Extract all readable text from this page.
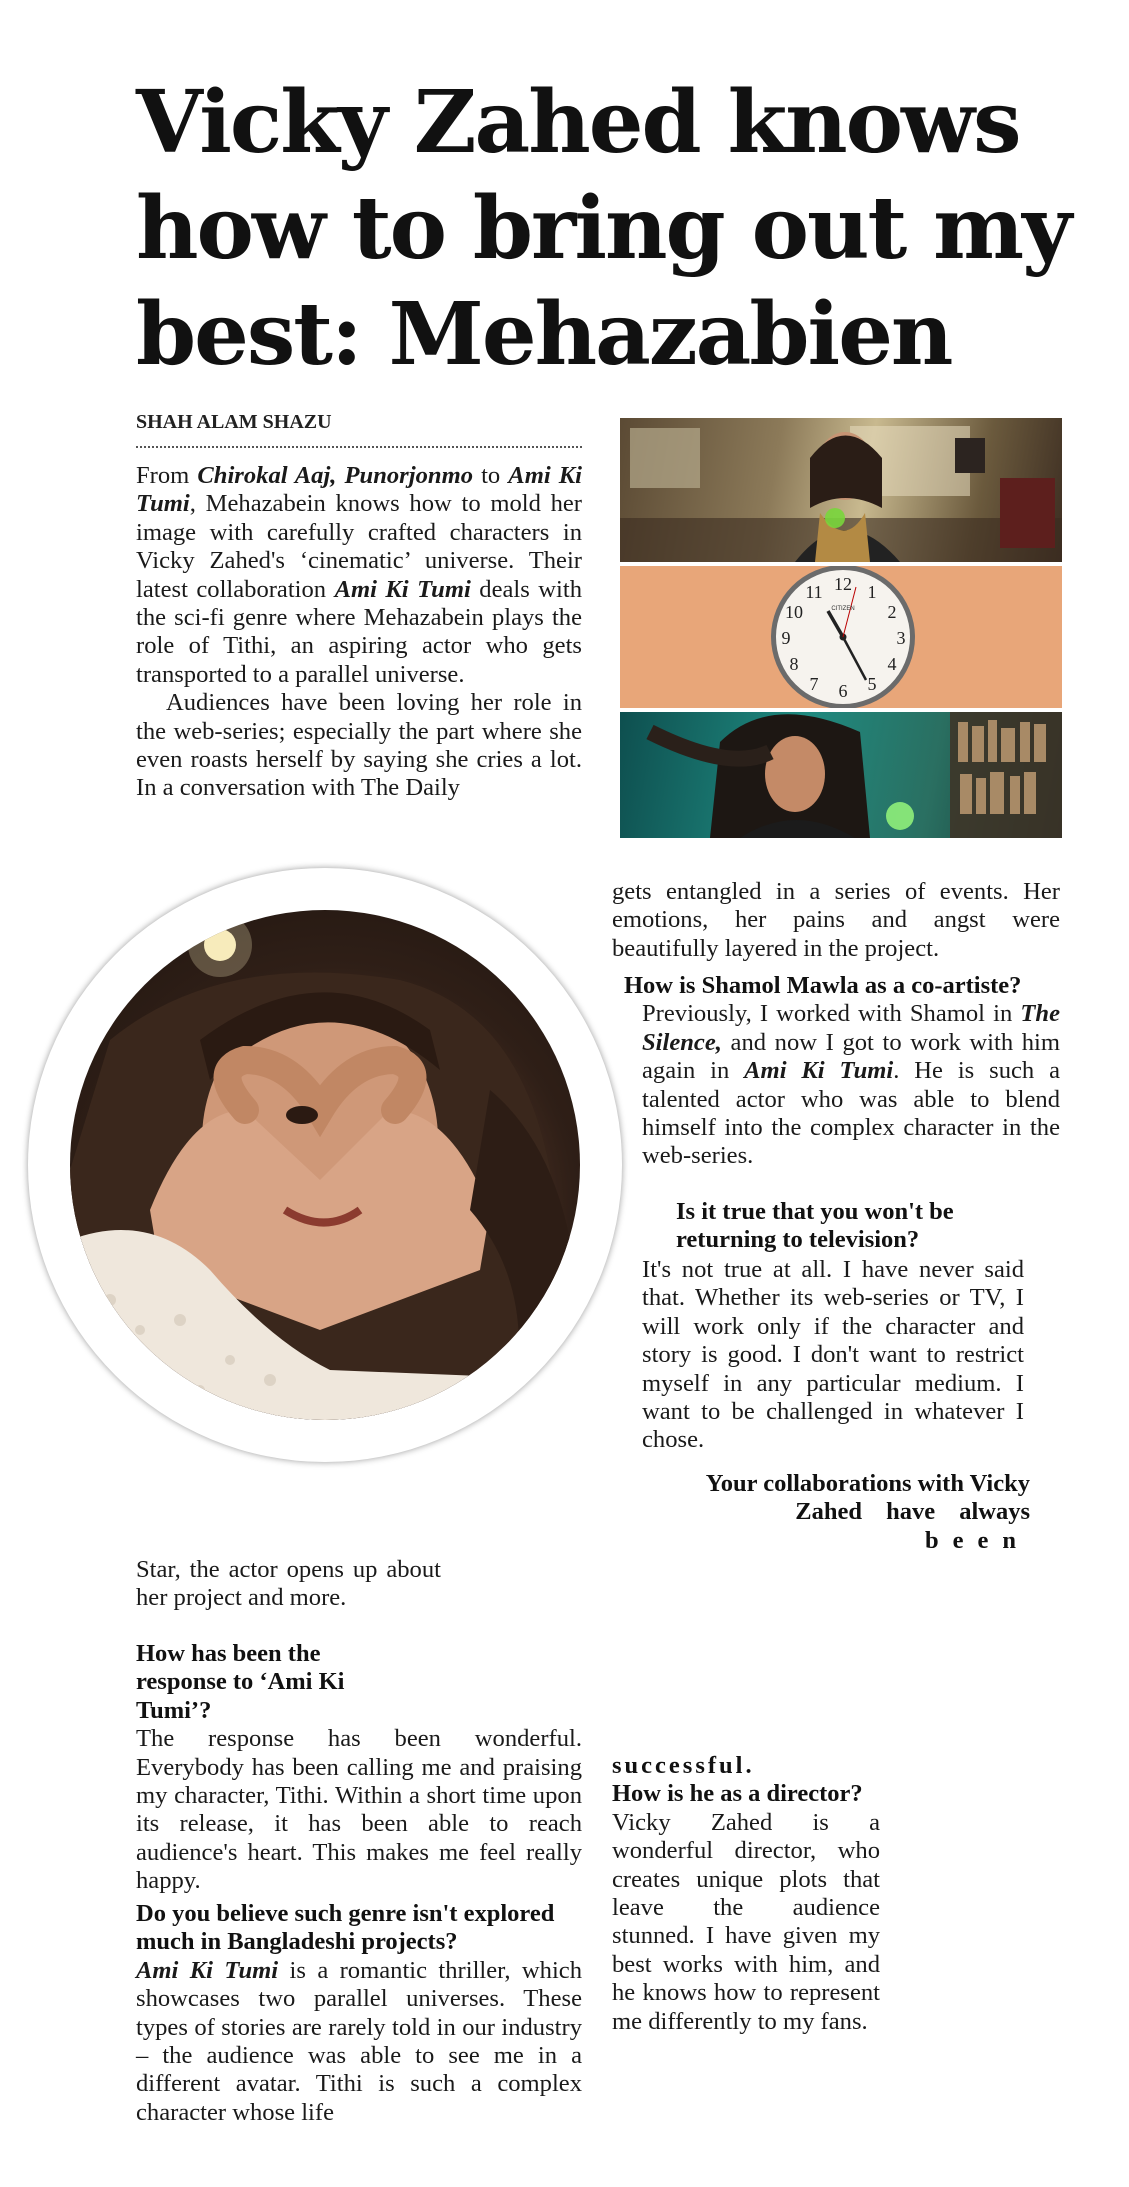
Vicky Zahed knows
how to bring out my
best: Mehazabien
SHAH ALAM SHAZU

From Chirokal Aaj, Punorjonmo to Ami Ki Tumi, Mehazabein knows how to mold her image with carefully crafted characters in Vicky Zahed's ‘cinematic’ universe. Their latest collaboration Ami Ki Tumi deals with the sci-fi genre where Mehazabein plays the role of Tithi, an aspiring actor who gets transported to a parallel universe.

Audiences have been loving her role in the web-series; especially the part where she even roasts herself by saying she cries a lot. In a conversation with The Daily

12 1
2
3
4
5
6
7
8
9
10
11
CITIZEN

Star, the actor opens up about her project and more.

How has been the response to ‘Ami Ki Tumi’?

The response has been wonderful. Everybody has been calling me and praising my character, Tithi. Within a short time upon its release, it has been able to reach audience's heart. This makes me feel really happy.

Do you believe such genre isn't explored much in Bangladeshi projects?

Ami Ki Tumi is a romantic thriller, which showcases two parallel universes. These types of stories are rarely told in our industry – the audience was able to see me in a different avatar. Tithi is such a complex character whose life

gets entangled in a series of events. Her emotions, her pains and angst were beautifully layered in the project.

How is Shamol Mawla as a co-artiste?

Previously, I worked with Shamol in The Silence, and now I got to work with him again in Ami Ki Tumi. He is such a talented actor who was able to blend himself into the complex character in the web-series.

Is it true that you won't be returning to television?

It's not true at all. I have never said that. Whether its web-series or TV, I will work only if the character and story is good. I don't want to restrict myself in any particular medium. I want to be challenged in whatever I chose.

Your collaborations with Vicky

Zahed have always

been

successful.

How is he as a director?

Vicky Zahed is a wonderful director, who creates unique plots that leave the audience stunned. I have given my best works with him, and he knows how to represent me differently to my fans.
